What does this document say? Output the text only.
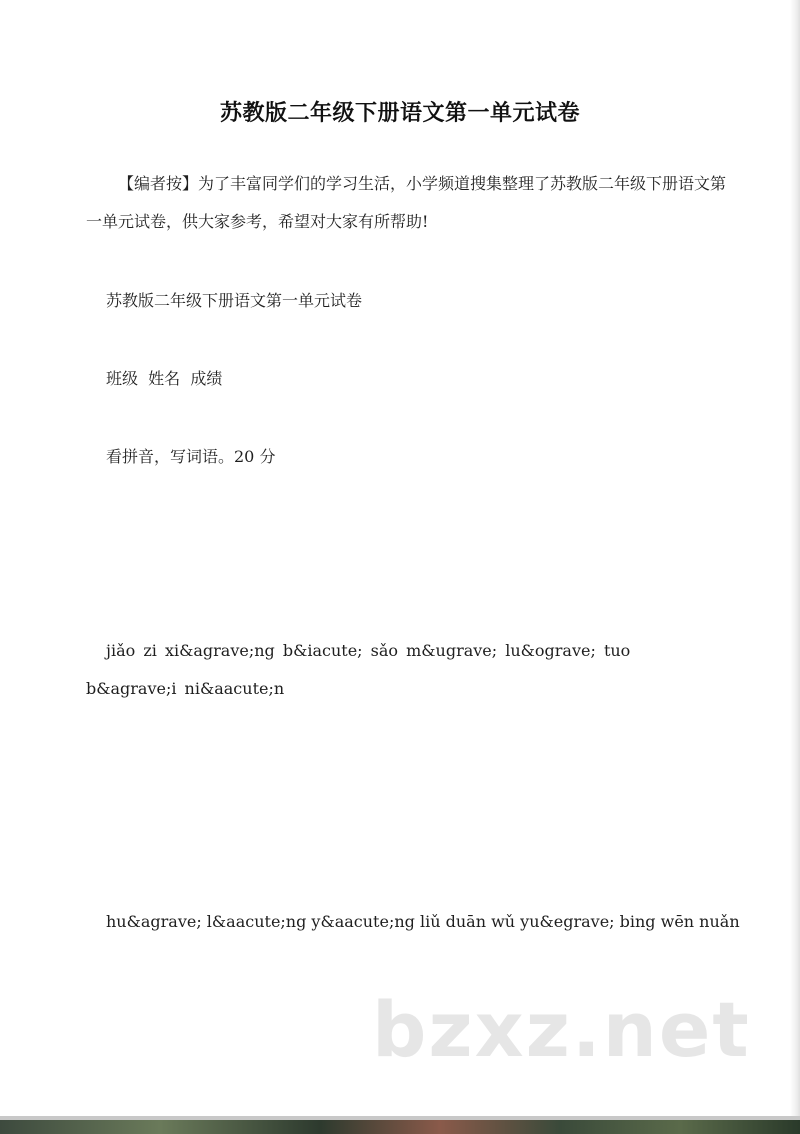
苏教版二年级下册语文第一单元试卷
【编者按】为了丰富同学们的学习生活，小学频道搜集整理了苏教版二年级下册语文第一单元试卷，供大家参考，希望对大家有所帮助!
苏教版二年级下册语文第一单元试卷
班级  姓名  成绩
看拼音，写词语。20 分
jiǎo zi xi&agrave;ng b&iacute; sǎo m&ugrave; lu&ograve; tuo b&agrave;i ni&aacute;n
hu&agrave; l&aacute;ng y&aacute;ng liǔ duān wǔ yu&egrave; bing wēn nuǎn
bzxz.net
